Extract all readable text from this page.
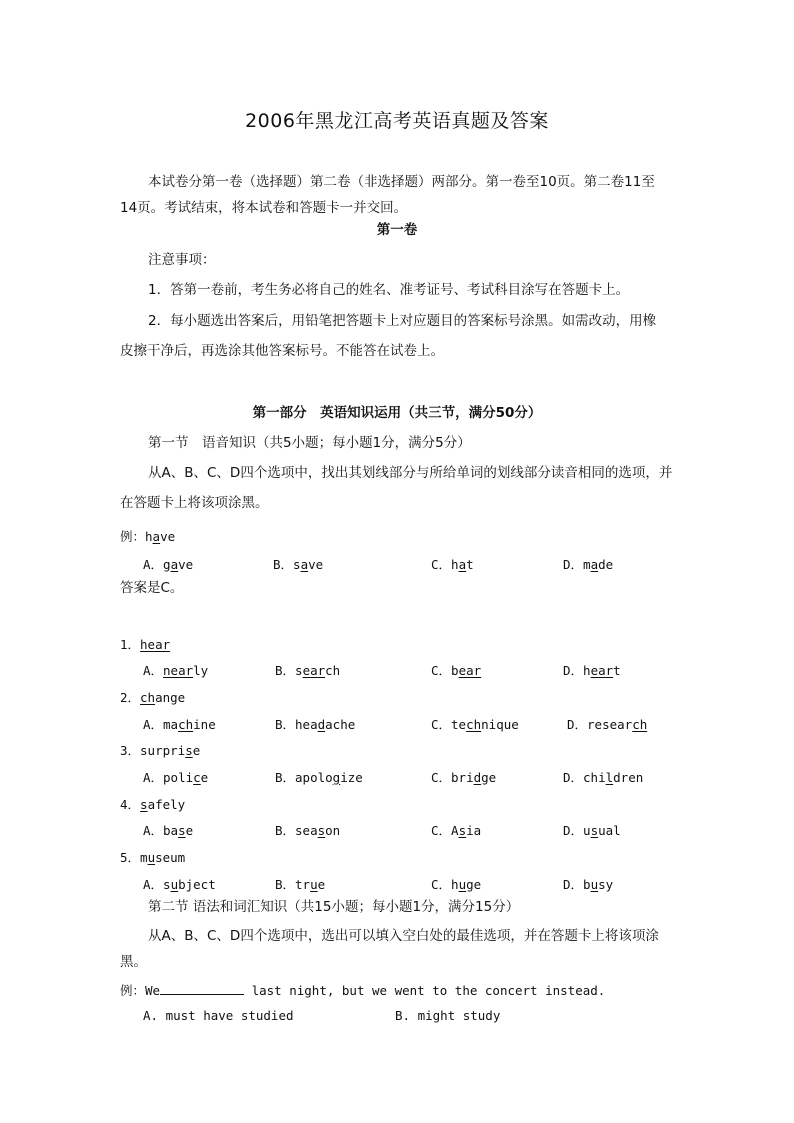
2006年黑龙江高考英语真题及答案
本试卷分第一卷（选择题）第二卷（非选择题）两部分。第一卷至10页。第二卷11至
14页。考试结束，将本试卷和答题卡一并交回。
第一卷
注意事项：
1．答第一卷前，考生务必将自己的姓名、准考证号、考试科目涂写在答题卡上。
2．每小题选出答案后，用铅笔把答题卡上对应题目的答案标号涂黑。如需改动，用橡
皮擦干净后，再选涂其他答案标号。不能答在试卷上。
第一部分　英语知识运用（共三节，满分50分）
第一节　语音知识（共5小题；每小题1分，满分5分）
从A、B、C、D四个选项中，找出其划线部分与所给单词的划线部分读音相同的选项，并
在答题卡上将该项涂黑。
例：have
A．gave	B．save	C．hat	D．made
答案是C。
1．hear
A．nearly	B．search	C．bear	D．heart
2．change
A．machine	B．headache	C．technique	D．research
3．surprise
A．police	B．apologize	C．bridge	D．children
4．safely
A．base	B．season	C．Asia	D．usual
5．museum
A．subject	B．true	C．huge	D．busy
第二节 语法和词汇知识（共15小题；每小题1分，满分15分）
从A、B、C、D四个选项中，选出可以填入空白处的最佳选项，并在答题卡上将该项涂
黑。
例：We	last night, but we went to the concert instead.
A. must have studied	B. might study
